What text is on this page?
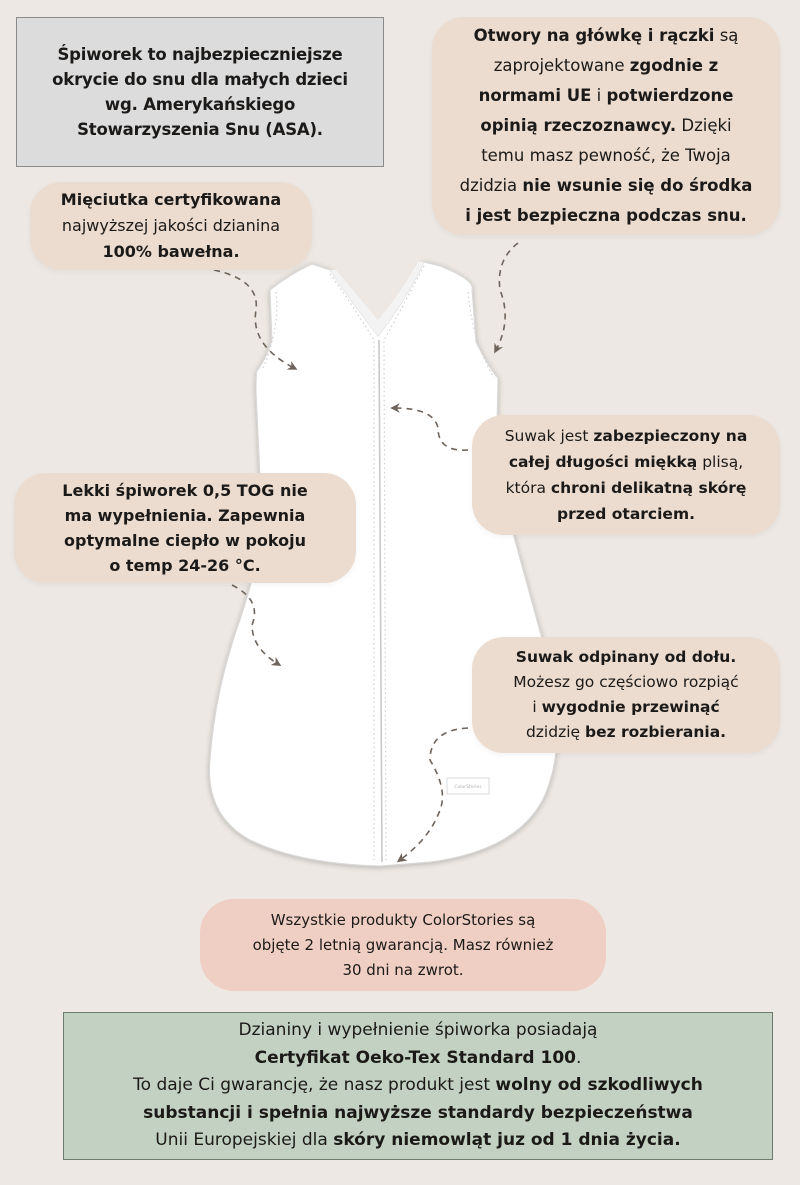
ColorStories
Śpiworek to najbezpieczniejsze
okrycie do snu dla małych dzieci
wg. Amerykańskiego
Stowarzyszenia Snu (ASA).
Mięciutka certyfikowana
najwyższej jakości dzianina
100% bawełna.
Otwory na główkę i rączki są
zaprojektowane zgodnie z
normami UE i potwierdzone
opinią rzeczoznawcy. Dzięki
temu masz pewność, że Twoja
dzidzia nie wsunie się do środka
i jest bezpieczna podczas snu.
Suwak jest zabezpieczony na
całej długości miękką plisą,
która chroni delikatną skórę
przed otarciem.
Lekki śpiworek 0,5 TOG nie
ma wypełnienia. Zapewnia
optymalne ciepło w pokoju
o temp 24-26 °C.
Suwak odpinany od dołu.
Możesz go częściowo rozpiąć
i wygodnie przewinąć
dzidzię bez rozbierania.
Wszystkie produkty ColorStories są
objęte 2 letnią gwarancją. Masz również
30 dni na zwrot.
Dzianiny i wypełnienie śpiworka posiadają
Certyfikat Oeko-Tex Standard 100.
To daje Ci gwarancję, że nasz produkt jest wolny od szkodliwych
substancji i spełnia najwyższe standardy bezpieczeństwa
Unii Europejskiej dla skóry niemowląt juz od 1 dnia życia.
